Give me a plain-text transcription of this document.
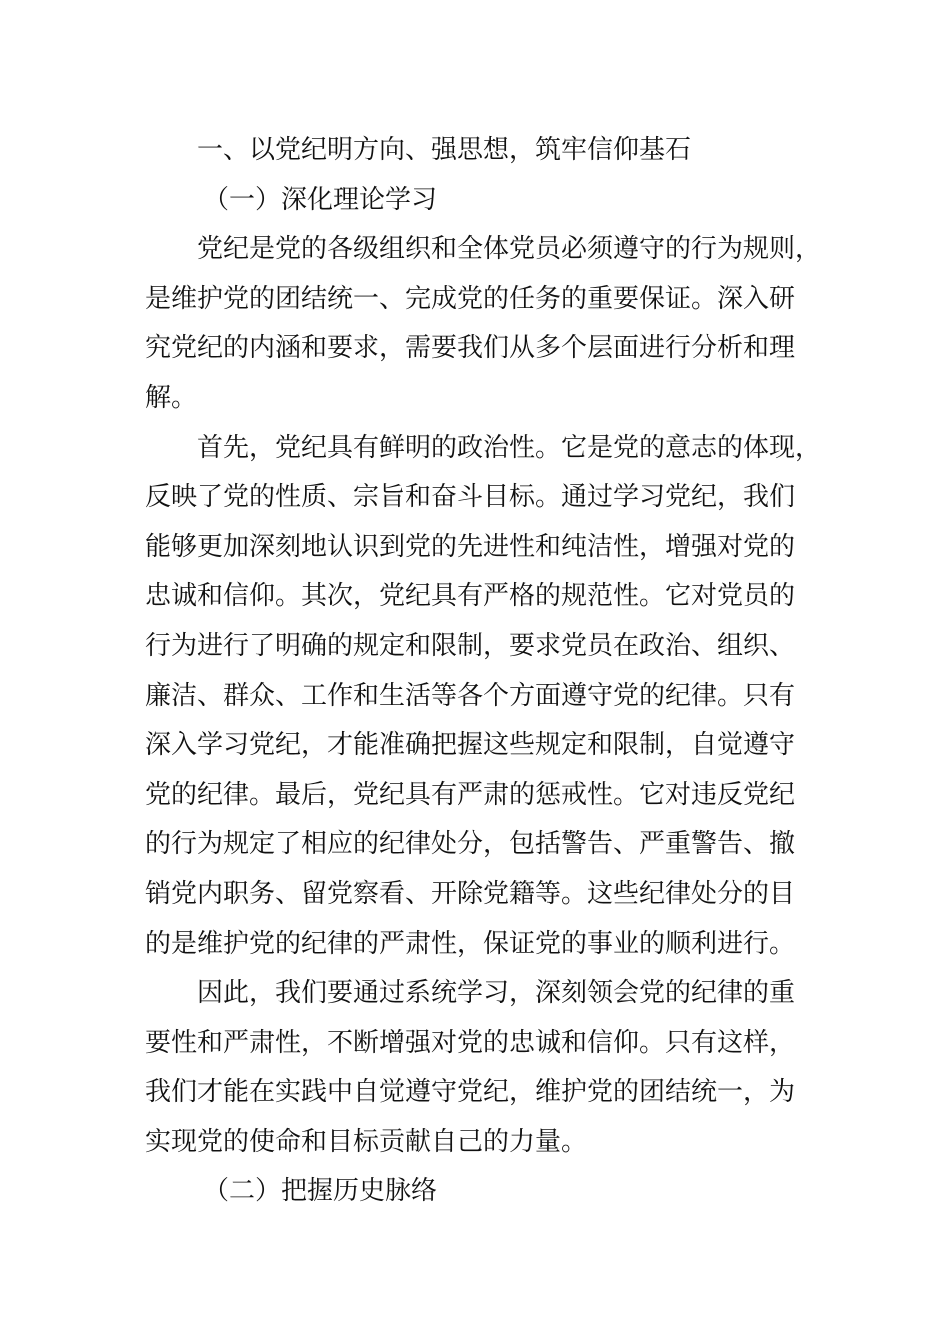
一、以党纪明方向、强思想，筑牢信仰基石
（一）深化理论学习

党纪是党的各级组织和全体党员必须遵守的行为规则，
是维护党的团结统一、完成党的任务的重要保证。深入研
究党纪的内涵和要求，需要我们从多个层面进行分析和理
解。

首先，党纪具有鲜明的政治性。它是党的意志的体现，
反映了党的性质、宗旨和奋斗目标。通过学习党纪，我们
能够更加深刻地认识到党的先进性和纯洁性，增强对党的
忠诚和信仰。其次，党纪具有严格的规范性。它对党员的
行为进行了明确的规定和限制，要求党员在政治、组织、
廉洁、群众、工作和生活等各个方面遵守党的纪律。只有
深入学习党纪，才能准确把握这些规定和限制，自觉遵守
党的纪律。最后，党纪具有严肃的惩戒性。它对违反党纪
的行为规定了相应的纪律处分，包括警告、严重警告、撤
销党内职务、留党察看、开除党籍等。这些纪律处分的目
的是维护党的纪律的严肃性，保证党的事业的顺利进行。

因此，我们要通过系统学习，深刻领会党的纪律的重
要性和严肃性，不断增强对党的忠诚和信仰。只有这样，
我们才能在实践中自觉遵守党纪，维护党的团结统一，为
实现党的使命和目标贡献自己的力量。

（二）把握历史脉络
